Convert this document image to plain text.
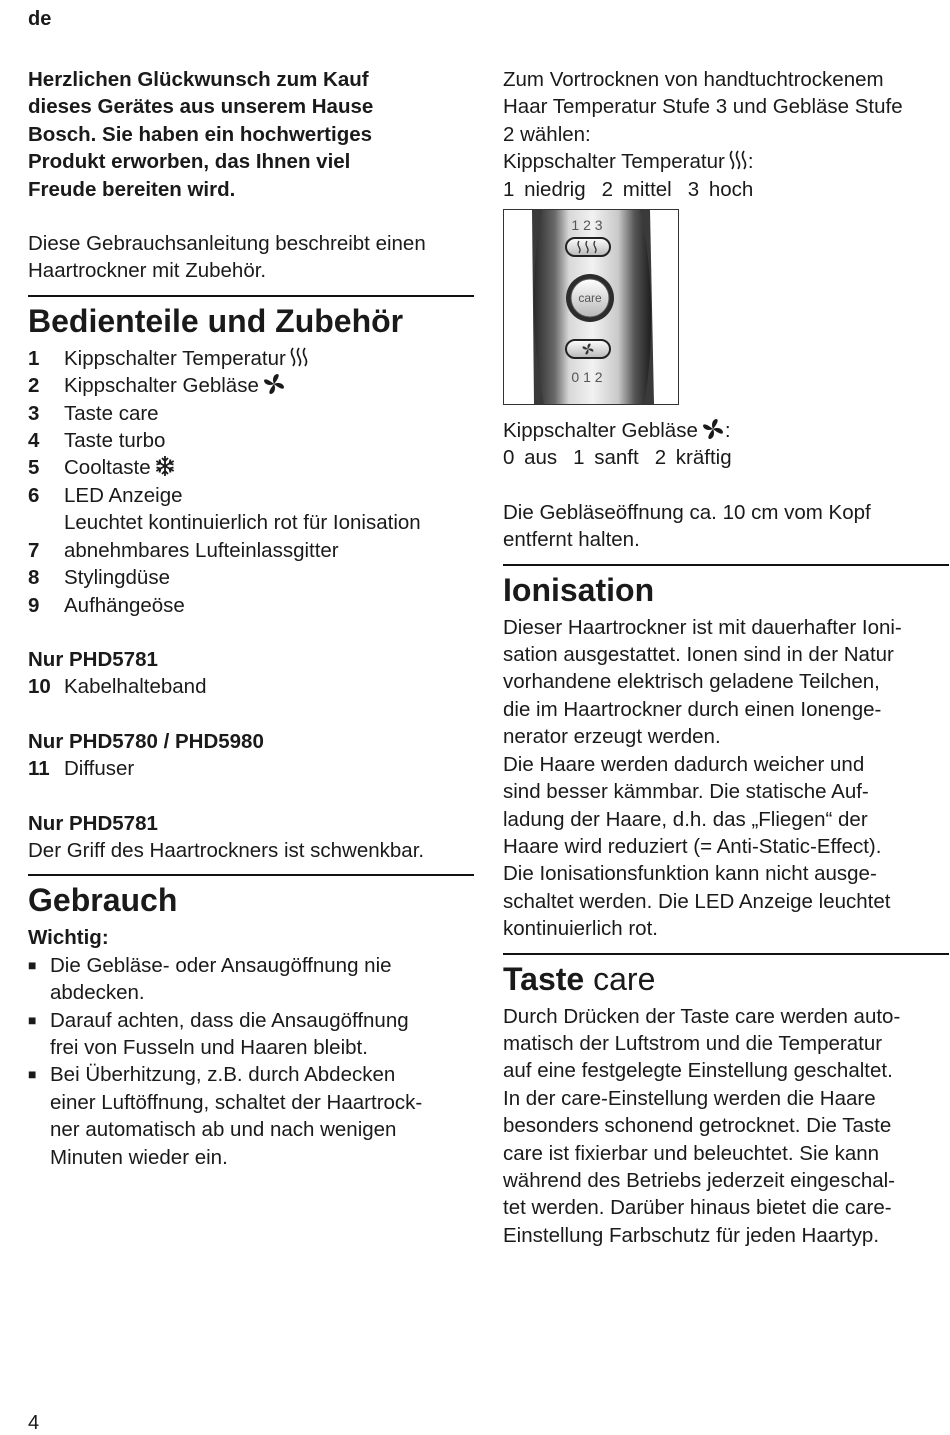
de

Herzlichen Glückwunsch zum Kauf

dieses Gerätes aus unserem Hause

Bosch. Sie haben ein hochwertiges

Produkt erworben, das Ihnen viel

Freude bereiten wird.

Diese Gebrauchsanleitung beschreibt einen

Haartrockner mit Zubehör.

Bedienteile und Zubehör
1	Kippschalter Temperatur
2	Kippschalter Gebläse
3	Taste care
4	Taste turbo
5	Cooltaste
6	LED Anzeige
Leuchtet kontinuierlich rot für Ionisation
7	abnehmbares Lufteinlassgitter
8	Stylingdüse
9	Aufhängeöse

Nur PHD5781

10 Kabelhalteband

Nur PHD5780 / PHD5980

11 Diffuser

Nur PHD5781

Der Griff des Haartrockners ist schwenkbar.

Gebrauch

Wichtig:

■ Die Gebläse- oder Ansaugöffnung nie

abdecken.

■ Darauf achten, dass die Ansaugöffnung

frei von Fusseln und Haaren bleibt.

■ Bei Überhitzung, z.B. durch Abdecken

einer Luftöffnung, schaltet der Haartrock-

ner automatisch ab und nach wenigen

Minuten wieder ein.

Zum Vortrocknen von handtuchtrockenem

Haar Temperatur Stufe 3 und Gebläse Stufe

2 wählen:

Kippschalter Temperatur :

1 niedrig 2 mittel 3 hoch

1 2 3
care
0 1 2

Kippschalter Gebläse :

0 aus 1 sanft 2 kräftig

Die Gebläseöffnung ca. 10 cm vom Kopf

entfernt halten.

Ionisation

Dieser Haartrockner ist mit dauerhafter Ioni-

sation ausgestattet. Ionen sind in der Natur

vorhandene elektrisch geladene Teilchen,

die im Haartrockner durch einen Ionenge-

nerator erzeugt werden.

Die Haare werden dadurch weicher und

sind besser kämmbar. Die statische Auf-

ladung der Haare, d.h. das „Fliegen“ der

Haare wird reduziert (= Anti-Static-Effect).

Die Ionisationsfunktion kann nicht ausge-

schaltet werden. Die LED Anzeige leuchtet

kontinuierlich rot.

Taste care

Durch Drücken der Taste care werden auto-

matisch der Luftstrom und die Temperatur

auf eine festgelegte Einstellung geschaltet.

In der care-Einstellung werden die Haare

besonders schonend getrocknet. Die Taste

care ist fixierbar und beleuchtet. Sie kann

während des Betriebs jederzeit eingeschal-

tet werden. Darüber hinaus bietet die care-

Einstellung Farbschutz für jeden Haartyp.

4
